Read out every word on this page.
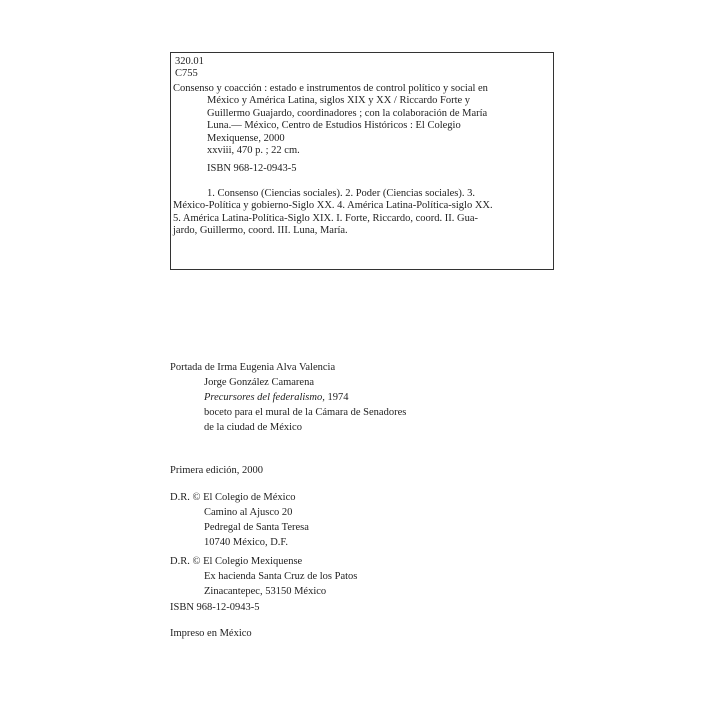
320.01
C755
Consenso y coacción : estado e instrumentos de control político y social en
México y América Latina, siglos XIX y XX / Riccardo Forte y
Guillermo Guajardo, coordinadores ; con la colaboración de María
Luna.— México, Centro de Estudios Históricos : El Colegio
Mexiquense, 2000
xxviii, 470 p. ; 22 cm.
ISBN 968-12-0943-5
1. Consenso (Ciencias sociales). 2. Poder (Ciencias sociales). 3.
México-Política y gobierno-Siglo XX. 4. América Latina-Política-siglo XX.
5. América Latina-Política-Siglo XIX. I. Forte, Riccardo, coord. II. Gua-
jardo, Guillermo, coord. III. Luna, María.
Portada de Irma Eugenia Alva Valencia
Jorge González Camarena
Precursores del federalismo, 1974
boceto para el mural de la Cámara de Senadores
de la ciudad de México
Primera edición, 2000
D.R. © El Colegio de México
Camino al Ajusco 20
Pedregal de Santa Teresa
10740 México, D.F.
D.R. © El Colegio Mexiquense
Ex hacienda Santa Cruz de los Patos
Zinacantepec, 53150 México
ISBN 968-12-0943-5
Impreso en México
